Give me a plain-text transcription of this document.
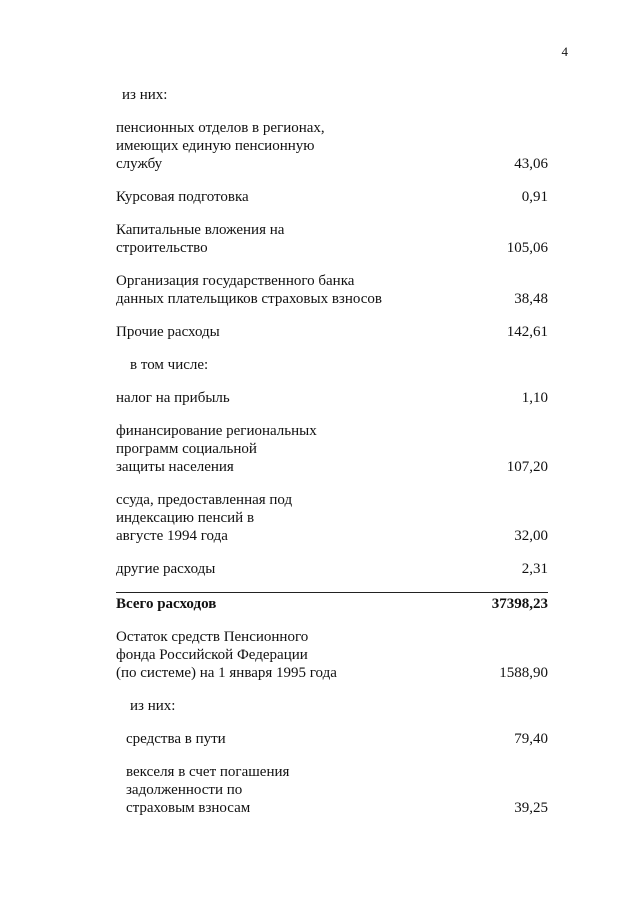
4
из них:
пенсионных отделов в регионах,
имеющих единую пенсионную
службу	43,06
Курсовая подготовка	0,91
Капитальные вложения на
строительство	105,06
Организация государственного банка
данных плательщиков страховых взносов	38,48
Прочие расходы	142,61
в том числе:
налог на прибыль	1,10
финансирование региональных
программ социальной
защиты населения	107,20
ссуда, предоставленная под
индексацию пенсий в
августе 1994 года	32,00
другие расходы	2,31
Всего расходов	37398,23
Остаток средств Пенсионного
фонда Российской Федерации
(по системе) на 1 января 1995 года	1588,90
из них:
средства в пути	79,40
векселя в счет погашения
задолженности по
страховым взносам	39,25
